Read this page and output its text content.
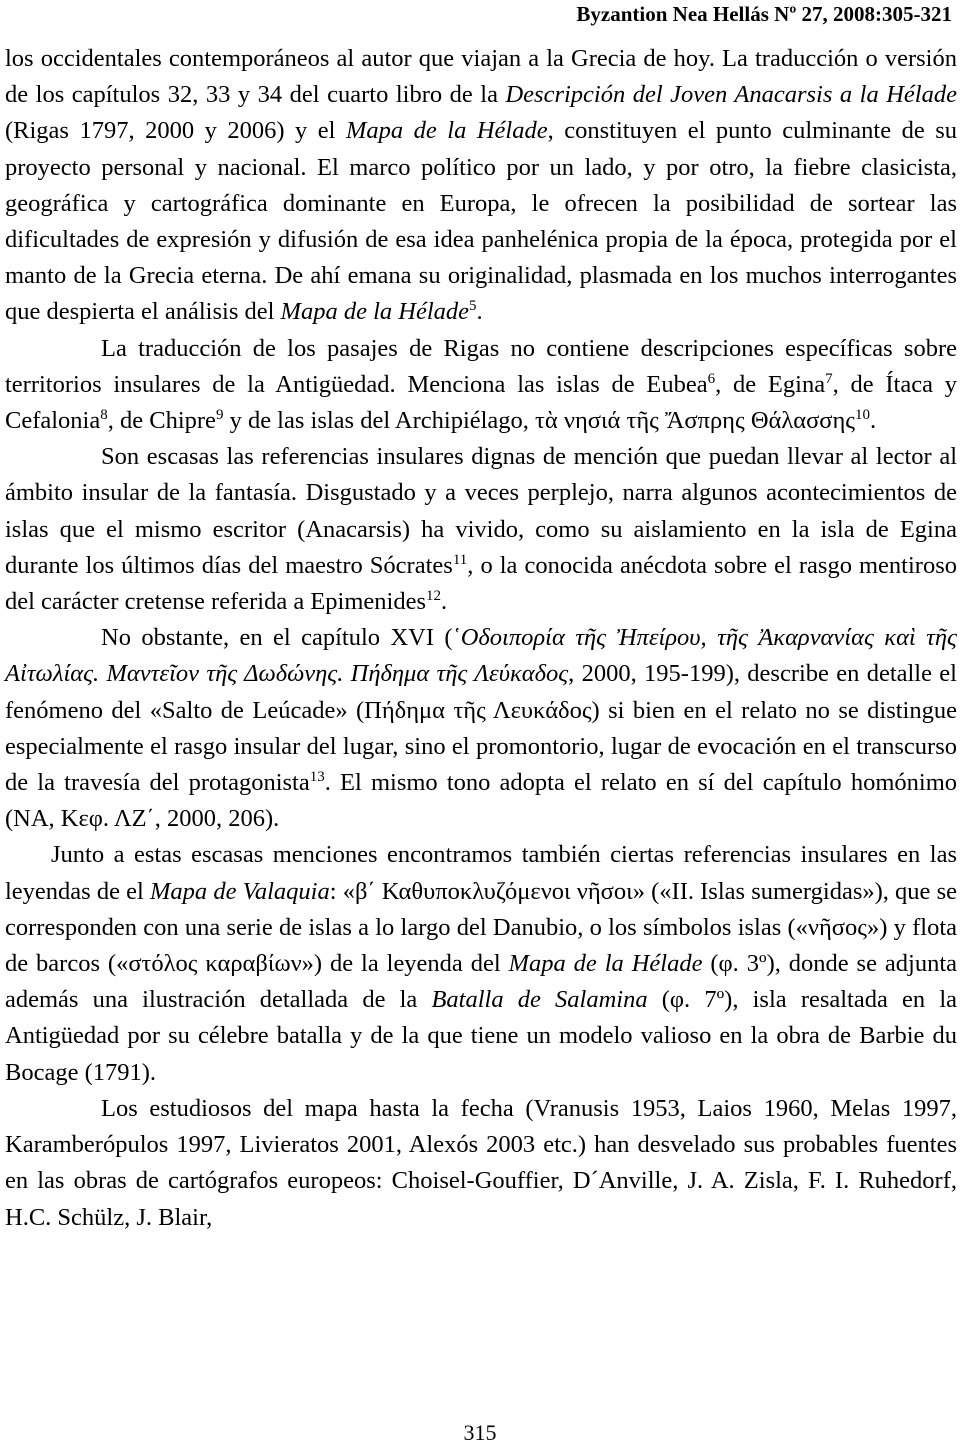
Byzantion Nea Hellás Nº 27, 2008:305-321

los occidentales contemporáneos al autor que viajan a la Grecia de hoy. La traducción o versión de los capítulos 32, 33 y 34 del cuarto libro de la Descripción del Joven Anacarsis a la Hélade (Rigas 1797, 2000 y 2006) y el Mapa de la Hélade, constituyen el punto culminante de su proyecto personal y nacional. El marco político por un lado, y por otro, la fiebre clasicista, geográfica y cartográfica dominante en Europa, le ofrecen la posibilidad de sortear las dificultades de expresión y difusión de esa idea panhelénica propia de la época, protegida por el manto de la Grecia eterna. De ahí emana su originalidad, plasmada en los muchos interrogantes que despierta el análisis del Mapa de la Hélade$^5$.

La traducción de los pasajes de Rigas no contiene descripciones específicas sobre territorios insulares de la Antigüedad. Menciona las islas de Eubea$^6$, de Egina$^7$, de Ítaca y Cefalonia$^8$, de Chipre$^9$ y de las islas del Archipiélago, τὰ νησιά τῆς Ἄσπρης Θάλασσης$^{10}$.

Son escasas las referencias insulares dignas de mención que puedan llevar al lector al ámbito insular de la fantasía. Disgustado y a veces perplejo, narra algunos acontecimientos de islas que el mismo escritor (Anacarsis) ha vivido, como su aislamiento en la isla de Egina durante los últimos días del maestro Sócrates$^{11}$, o la conocida anécdota sobre el rasgo mentiroso del carácter cretense referida a Epimenides$^{12}$.

No obstante, en el capítulo XVI (῾Οδοιπορία τῆς Ἠπείρου, τῆς Ἀκαρνανίας καὶ τῆς Αἰτωλίας. Μαντεῖον τῆς Δωδώνης. Πήδημα τῆς Λεύκαδος, 2000, 195-199), describe en detalle el fenómeno del «Salto de Leúcade» (Πήδημα τῆς Λευκάδος) si bien en el relato no se distingue especialmente el rasgo insular del lugar, sino el promontorio, lugar de evocación en el transcurso de la travesía del protagonista$^{13}$. El mismo tono adopta el relato en sí del capítulo homónimo (NA, Κεφ. ΛΖ΄, 2000, 206).

Junto a estas escasas menciones encontramos también ciertas referencias insulares en las leyendas de el Mapa de Valaquia: «β΄ Καθυποκλυζόμενοι νῆσοι» («II. Islas sumergidas»), que se corresponden con una serie de islas a lo largo del Danubio, o los símbolos islas («νῆσος») y flota de barcos («στόλος καραβίων») de la leyenda del Mapa de la Hélade (φ. 3º), donde se adjunta además una ilustración detallada de la Batalla de Salamina (φ. 7º), isla resaltada en la Antigüedad por su célebre batalla y de la que tiene un modelo valioso en la obra de Barbie du Bocage (1791).

Los estudiosos del mapa hasta la fecha (Vranusis 1953, Laios 1960, Melas 1997, Karamberópulos 1997, Livieratos 2001, Alexós 2003 etc.) han desvelado sus probables fuentes en las obras de cartógrafos europeos: Choisel-Gouffier, D´Anville, J. A. Zisla, F. I. Ruhedorf, H.C. Schülz, J. Blair,

315
